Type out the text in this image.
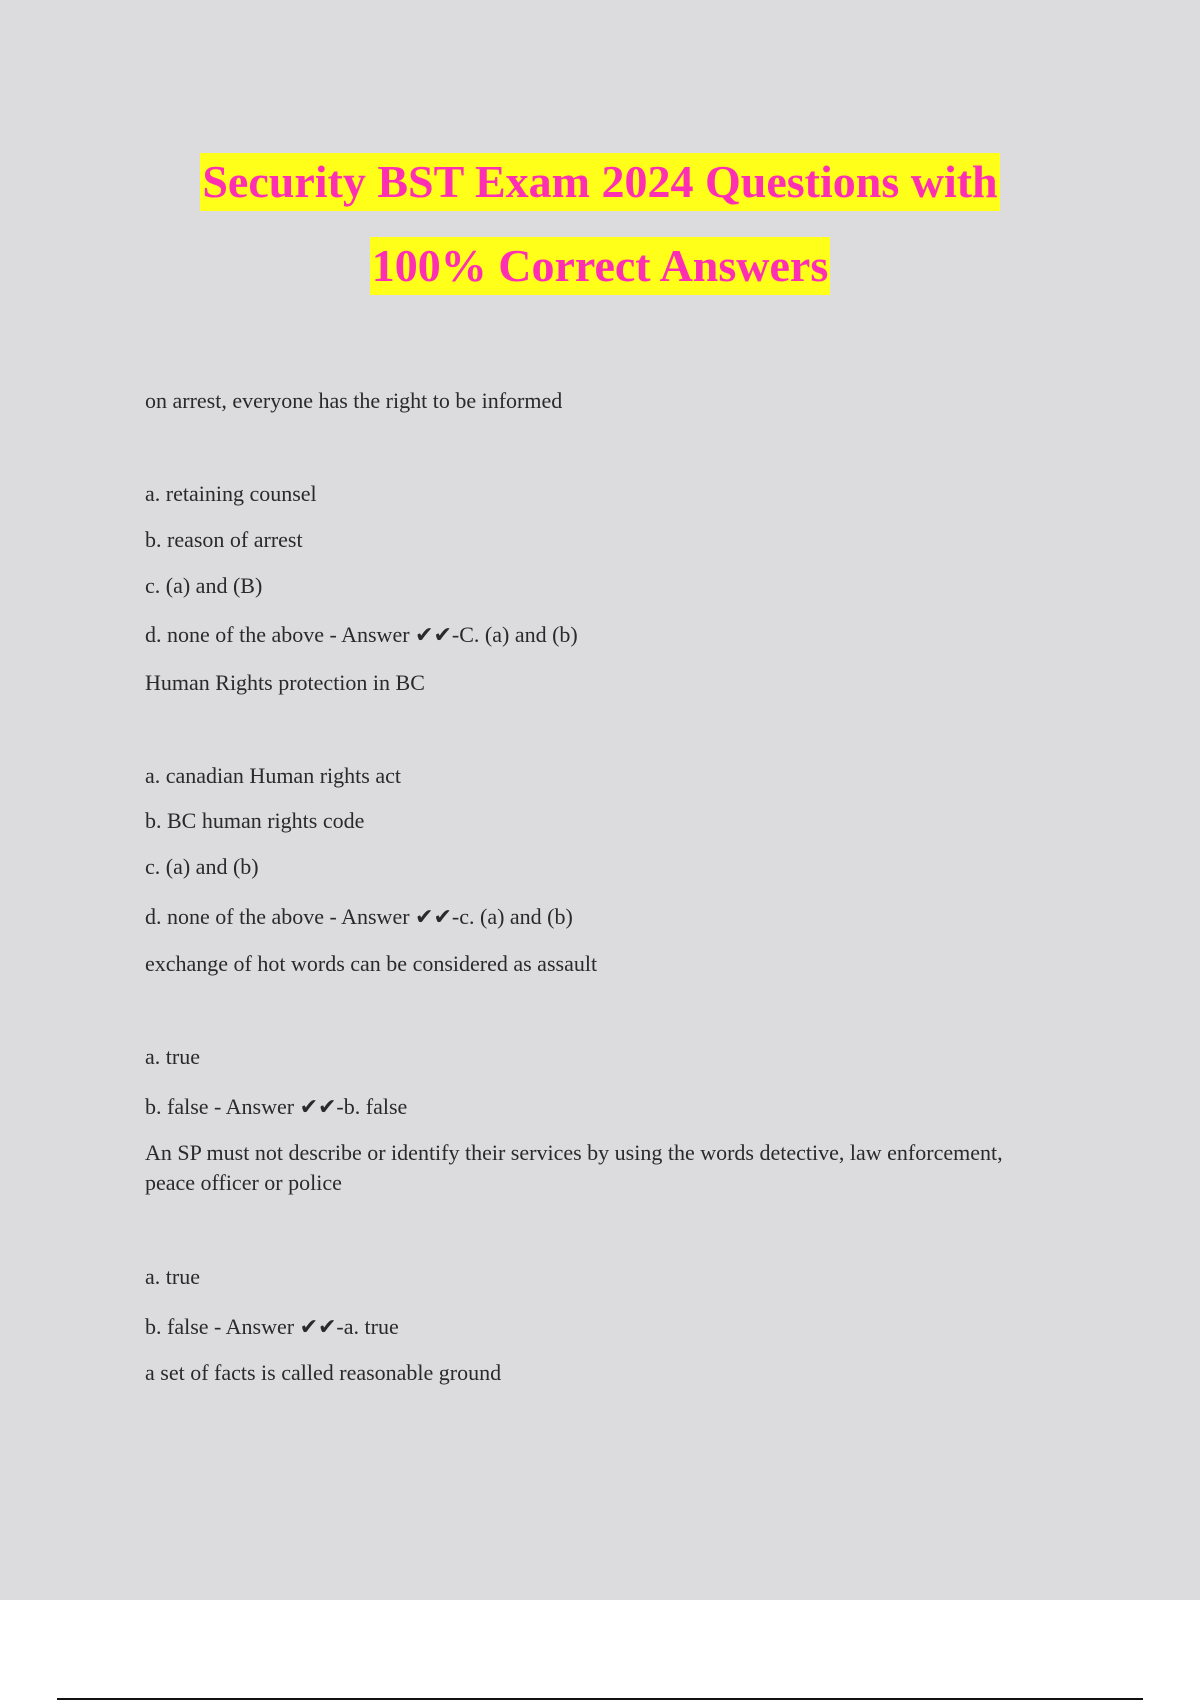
Security BST Exam 2024 Questions with
100% Correct Answers
on arrest, everyone has the right to be informed
a. retaining counsel
b. reason of arrest
c. (a) and (B)
d. none of the above - Answer ✔✔-C. (a) and (b)
Human Rights protection in BC
a. canadian Human rights act
b. BC human rights code
c. (a) and (b)
d. none of the above - Answer ✔✔-c. (a) and (b)
exchange of hot words can be considered as assault
a. true
b. false - Answer ✔✔-b. false
An SP must not describe or identify their services by using the words detective, law enforcement, peace officer or police
a. true
b. false - Answer ✔✔-a. true
a set of facts is called reasonable ground
